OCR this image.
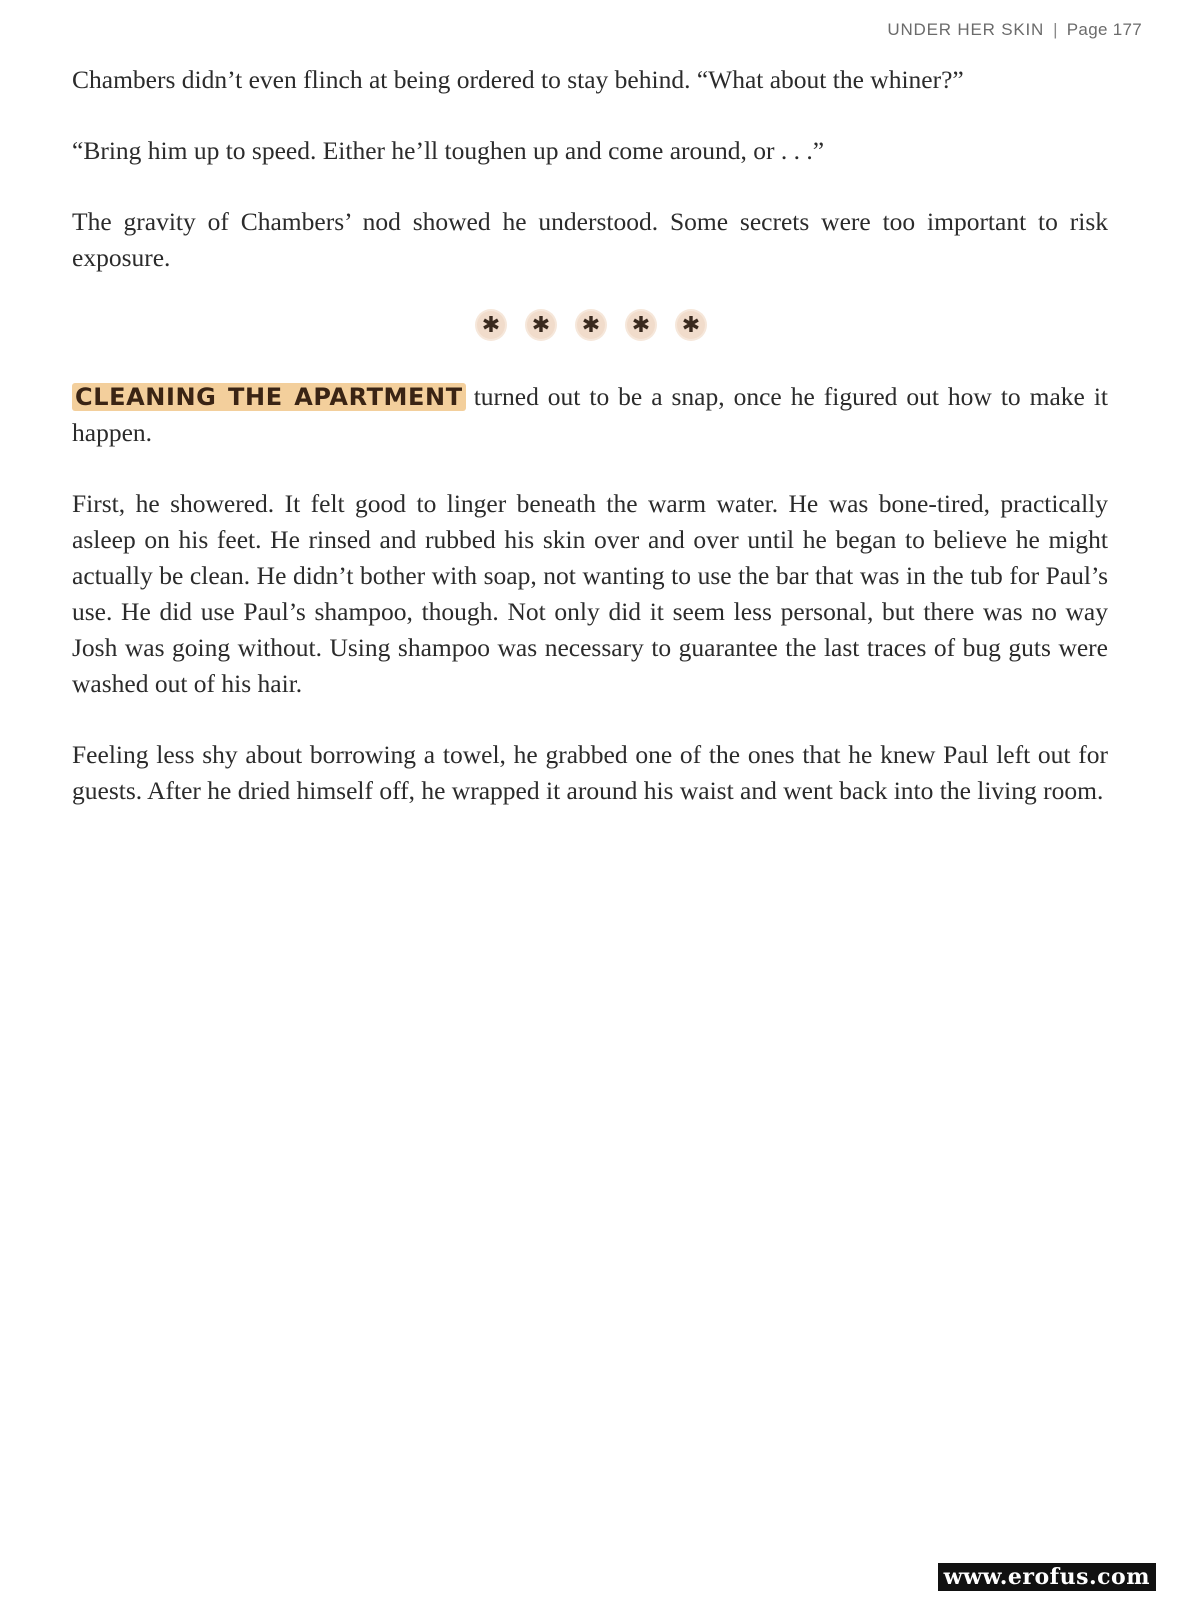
UNDER HER SKIN | Page 177

Chambers didn’t even flinch at being ordered to stay behind. “What about the whiner?”

“Bring him up to speed. Either he’ll toughen up and come around, or . . .”

The gravity of Chambers’ nod showed he understood. Some secrets were too important to risk exposure.

✱ ✱ ✱ ✱ ✱

CLEANING THE APARTMENT turned out to be a snap, once he figured out how to make it happen.

First, he showered. It felt good to linger beneath the warm water. He was bone-tired, practically asleep on his feet. He rinsed and rubbed his skin over and over until he began to believe he might actually be clean. He didn’t bother with soap, not wanting to use the bar that was in the tub for Paul’s use. He did use Paul’s shampoo, though. Not only did it seem less personal, but there was no way Josh was going without. Using shampoo was necessary to guarantee the last traces of bug guts were washed out of his hair.

Feeling less shy about borrowing a towel, he grabbed one of the ones that he knew Paul left out for guests. After he dried himself off, he wrapped it around his waist and went back into the living room.

www.erofus.com
